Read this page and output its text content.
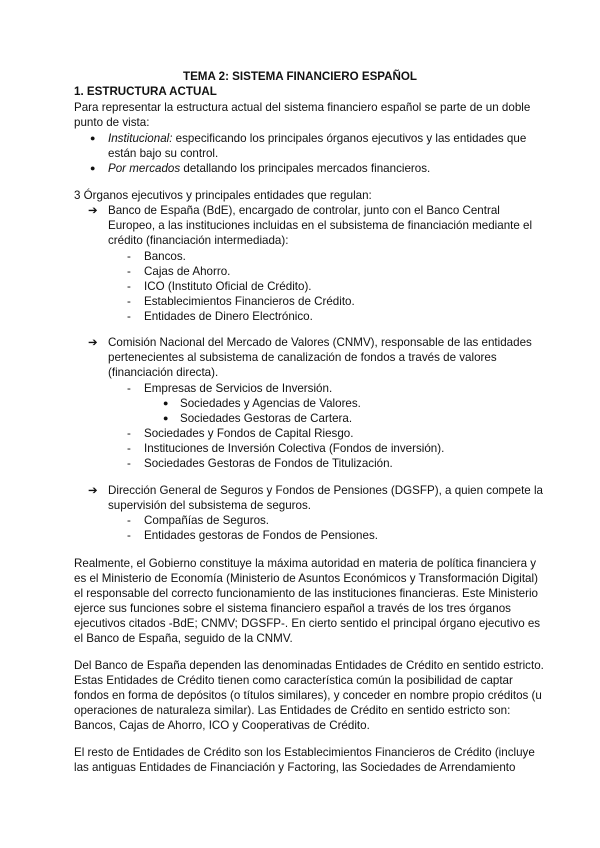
TEMA 2: SISTEMA FINANCIERO ESPAÑOL
1. ESTRUCTURA ACTUAL
Para representar la estructura actual del sistema financiero español se parte de un doble
punto de vista:
● Institucional: especificando los principales órganos ejecutivos y las entidades que
están bajo su control.
● Por mercados detallando los principales mercados financieros.
3 Órganos ejecutivos y principales entidades que regulan:
➔ Banco de España (BdE), encargado de controlar, junto con el Banco Central
Europeo, a las instituciones incluidas en el subsistema de financiación mediante el
crédito (financiación intermediada):
- Bancos.
- Cajas de Ahorro.
- ICO (Instituto Oficial de Crédito).
- Establecimientos Financieros de Crédito.
- Entidades de Dinero Electrónico.
➔ Comisión Nacional del Mercado de Valores (CNMV), responsable de las entidades
pertenecientes al subsistema de canalización de fondos a través de valores
(financiación directa).
- Empresas de Servicios de Inversión.
● Sociedades y Agencias de Valores.
● Sociedades Gestoras de Cartera.
- Sociedades y Fondos de Capital Riesgo.
- Instituciones de Inversión Colectiva (Fondos de inversión).
- Sociedades Gestoras de Fondos de Titulización.
➔ Dirección General de Seguros y Fondos de Pensiones (DGSFP), a quien compete la
supervisión del subsistema de seguros.
- Compañías de Seguros.
- Entidades gestoras de Fondos de Pensiones.
Realmente, el Gobierno constituye la máxima autoridad en materia de política financiera y
es el Ministerio de Economía (Ministerio de Asuntos Económicos y Transformación Digital)
el responsable del correcto funcionamiento de las instituciones financieras. Este Ministerio
ejerce sus funciones sobre el sistema financiero español a través de los tres órganos
ejecutivos citados -BdE; CNMV; DGSFP-. En cierto sentido el principal órgano ejecutivo es
el Banco de España, seguido de la CNMV.
Del Banco de España dependen las denominadas Entidades de Crédito en sentido estricto.
Estas Entidades de Crédito tienen como característica común la posibilidad de captar
fondos en forma de depósitos (o títulos similares), y conceder en nombre propio créditos (u
operaciones de naturaleza similar). Las Entidades de Crédito en sentido estricto son:
Bancos, Cajas de Ahorro, ICO y Cooperativas de Crédito.
El resto de Entidades de Crédito son los Establecimientos Financieros de Crédito (incluye
las antiguas Entidades de Financiación y Factoring, las Sociedades de Arrendamiento
